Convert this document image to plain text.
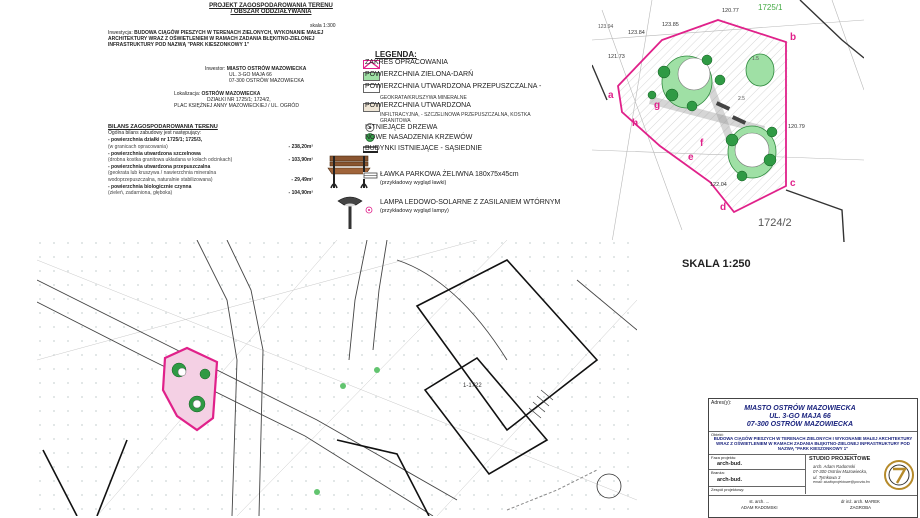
PROJEKT ZAGOSPODAROWANIA TERENU
/ OBSZAR ODDZIAŁYWANIA
skala 1:300
Inwestycja: BUDOWA CIĄGÓW PIESZYCH W TERENACH ZIELONYCH, WYKONANIE MAŁEJ ARCHITEKTURY WRAZ Z OŚWIETLENIEM W RAMACH ZADANIA BŁĘKITNO-ZIELONEJ INFRASTRUKTURY POD NAZWĄ "PARK KIESZONKOWY 1"
Inwestor: MIASTO OSTRÓW MAZOWIECKA
UL. 3-GO MAJA 66
07-300 OSTRÓW MAZOWIECKA
Lokalizacja: OSTRÓW MAZOWIECKA
DZIAŁKI NR 1725/1; 1724/2,
PLAC KSIĘŻNEJ ANNY MAZOWIECKIEJ / UL. OGRÓD
BILANS ZAGOSPODAROWANIA TERENU
Ogólna bilans zabudowy jest następujący:
- powierzchnia działki nr 1725/1; 1725/3,
(w granicach opracowania)	- 238,20m²
- powierzchnia utwardzona szczelnowa
(drobna kostka granitowa układana w kołach odcinkach)	- 103,90m²
- powierzchnia utwardzona przepuszczalna
(geokrata lub kruszywa / nawierzchnia mineralna wodoprzepuszczalna, naturalnie stabilizowana)	- 29,49m²
- powierzchnia biologicznie czynna
(zieleń, zadarniona, głęboka)	- 104,90m²
LEGENDA:
ZAKRES OPRACOWANIA
POWIERZCHNIA ZIELONA-DARŃ
POWIERZCHNIA UTWARDZONA PRZEPUSZCZALNA -
GEOKRATA/KRUSZYWA MINERALNE
POWIERZCHNIA UTWARDZONA
INFILTRACYJNA, - SZCZELINOWA PRZEPUSZCZALNA, KOSTKA GRANITOWA
ISTNIEJĄCE DRZEWA
NOWE NASADZENIA KRZEWÓW
BUDYNKI ISTNIEJĄCE - SĄSIEDNIE
ŁAWKA PARKOWA ŻELIWNA 180x75x45cm
(przykładowy wygląd ławki)
LAMPA LEDOWO-SOLARNE Z ZASILANIEM WTÓRNYM
(przykładowy wygląd lampy)
123.84
123.85
120.77
122.04
120.79
121.73
a
b
c
d
e
f
g
h
1724/2
1725/1
123.94
1.5
2.5
SKALA 1:250
1-1722
Adres(y):
MIASTO OSTRÓW MAZOWIECKA
UL. 3-GO MAJA 66
07-300 OSTRÓW MAZOWIECKA
Obiekt:
BUDOWA CIĄGÓW PIESZYCH W TERENACH ZIELONYCH I WYKONANIE MAŁEJ ARCHITEKTURY WRAZ Z OŚWIETLENIEM W RAMACH ZADANIA BŁĘKITNO-ZIELONEJ INFRASTRUKTURY POD NAZWĄ "PARK KIESZONKOWY 1"
Faza projektu:
arch-bud.
Branża:
arch-bud.
Zespół projektowy:
STUDIO PROJEKTOWE
arch. Adam Radomski
07-300 Ostrów Mazowiecka,
ul. Tymkowa 3
email: studioprojektowe@poczta.fm
st. arch. ...
ADAM RADOMSKI
dr inż. arch. MAREK
ZAGROBA
